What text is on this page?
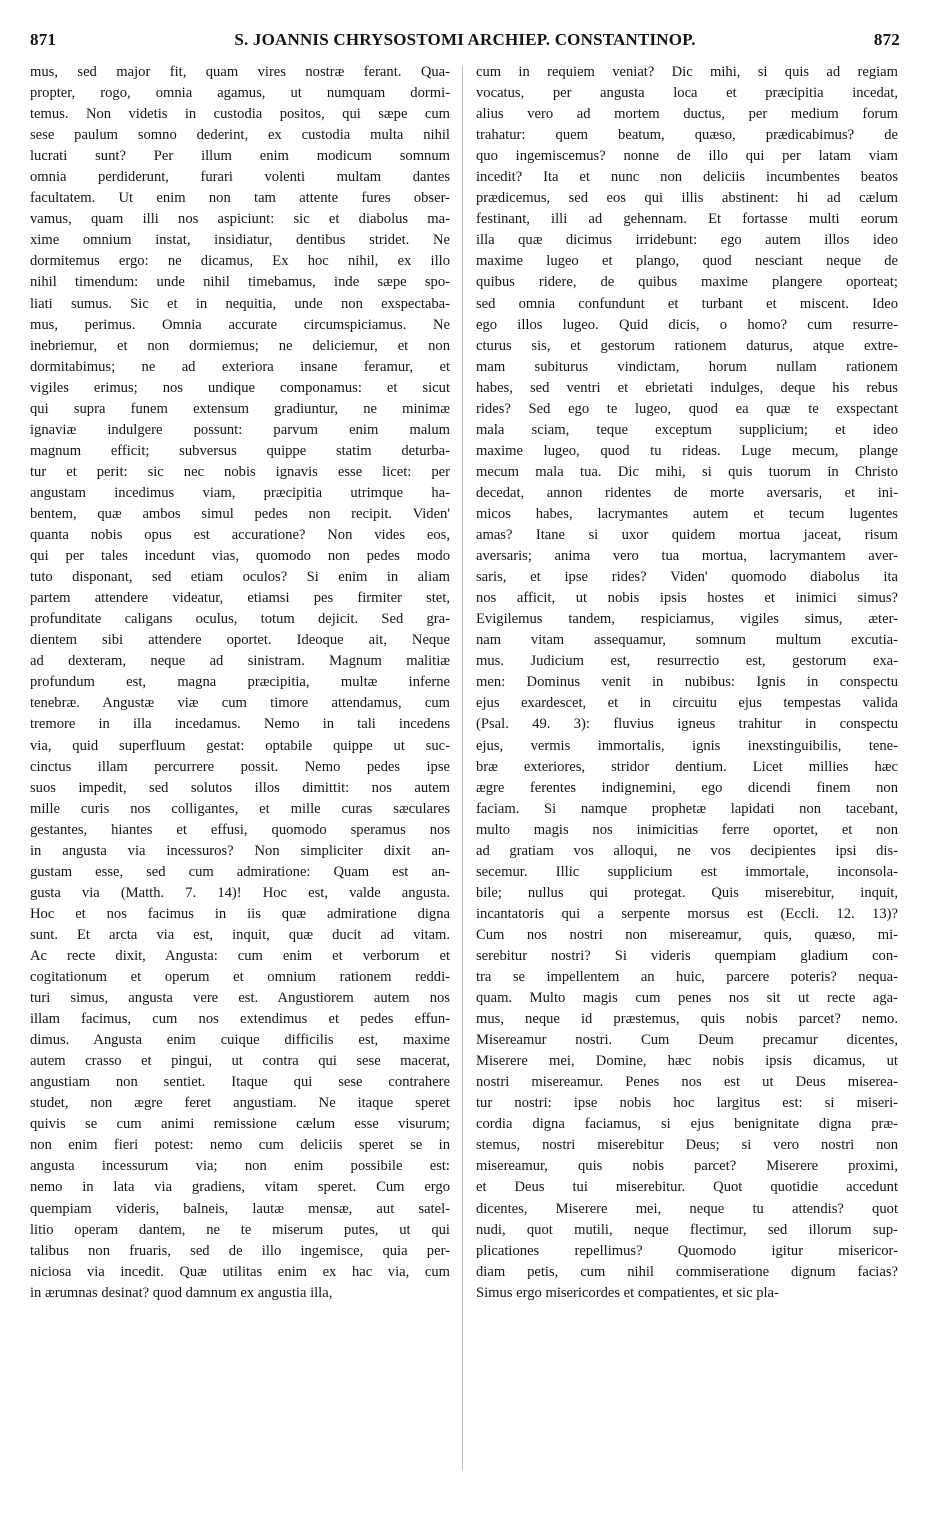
871	S. JOANNIS CHRYSOSTOMI ARCHIEP. CONSTANTINOP.	872
mus, sed major fit, quam vires nostræ ferant. Qua-
propter, rogo, omnia agamus, ut numquam dormi-
temus. Non videtis in custodia positos, qui sæpe cum
sese paulum somno dederint, ex custodia multa nihil
lucrati sunt? Per illum enim modicum somnum
omnia perdiderunt, furari volenti multam dantes
facultatem. Ut enim non tam attente fures obser-
vamus, quam illi nos aspiciunt: sic et diabolus ma-
xime omnium instat, insidiatur, dentibus stridet. Ne
dormitemus ergo: ne dicamus, Ex hoc nihil, ex illo
nihil timendum: unde nihil timebamus, inde sæpe spo-
liati sumus. Sic et in nequitia, unde non exspectaba-
mus, perimus. Omnia accurate circumspiciamus. Ne
inebriemur, et non dormiemus; ne deliciemur, et non
dormitabimus; ne ad exteriora insane feramur, et
vigiles erimus; nos undique componamus: et sicut
qui supra funem extensum gradiuntur, ne minimæ
ignaviæ indulgere possunt: parvum enim malum
magnum efficit; subversus quippe statim deturba-
tur et perit: sic nec nobis ignavis esse licet: per
angustam incedimus viam, præcipitia utrimque ha-
bentem, quæ ambos simul pedes non recipit. Viden'
quanta nobis opus est accuratione? Non vides eos,
qui per tales incedunt vias, quomodo non pedes modo
tuto disponant, sed etiam oculos? Si enim in aliam
partem attendere videatur, etiamsi pes firmiter stet,
profunditate caligans oculus, totum dejicit. Sed gra-
dientem sibi attendere oportet. Ideoque ait, Neque
ad dexteram, neque ad sinistram. Magnum malitiæ
profundum est, magna præcipitia, multæ inferne
tenebræ. Angustæ viæ cum timore attendamus, cum
tremore in illa incedamus. Nemo in tali incedens
via, quid superfluum gestat: optabile quippe ut suc-
cinctus illam percurrere possit. Nemo pedes ipse
suos impedit, sed solutos illos dimittit: nos autem
mille curis nos colligantes, et mille curas sæculares
gestantes, hiantes et effusi, quomodo speramus nos
in angusta via incessuros? Non simpliciter dixit an-
gustam esse, sed cum admiratione: Quam est an-
gusta via (Matth. 7. 14)! Hoc est, valde angusta.
Hoc et nos facimus in iis quæ admiratione digna
sunt. Et arcta via est, inquit, quæ ducit ad vitam.
Ac recte dixit, Angusta: cum enim et verborum et
cogitationum et operum et omnium rationem reddi-
turi simus, angusta vere est. Angustiorem autem nos
illam facimus, cum nos extendimus et pedes effun-
dimus. Angusta enim cuique difficilis est, maxime
autem crasso et pingui, ut contra qui sese macerat,
angustiam non sentiet. Itaque qui sese contrahere
studet, non ægre feret angustiam. Ne itaque speret
quivis se cum animi remissione cælum esse visurum;
non enim fieri potest: nemo cum deliciis speret se in
angusta incessurum via; non enim possibile est:
nemo in lata via gradiens, vitam speret. Cum ergo
quempiam videris, balneis, lautæ mensæ, aut satel-
litio operam dantem, ne te miserum putes, ut qui
talibus non fruaris, sed de illo ingemisce, quia per-
niciosa via incedit. Quæ utilitas enim ex hac via, cum
in ærumnas desinat? quod damnum ex angustia illa,
cum in requiem veniat? Dic mihi, si quis ad regiam
vocatus, per angusta loca et præcipitia incedat,
alius vero ad mortem ductus, per medium forum
trahatur: quem beatum, quæso, prædicabimus? de
quo ingemiscemus? nonne de illo qui per latam viam
incedit? Ita et nunc non deliciis incumbentes beatos
prædicemus, sed eos qui illis abstinent: hi ad cælum
festinant, illi ad gehennam. Et fortasse multi eorum
illa quæ dicimus irridebunt: ego autem illos ideo
maxime lugeo et plango, quod nesciant neque de
quibus ridere, de quibus maxime plangere oporteat;
sed omnia confundunt et turbant et miscent. Ideo
ego illos lugeo. Quid dicis, o homo? cum resurre-
cturus sis, et gestorum rationem daturus, atque extre-
mam subiturus vindictam, horum nullam rationem
habes, sed ventri et ebrietati indulges, deque his rebus
rides? Sed ego te lugeo, quod ea quæ te exspectant
mala sciam, teque exceptum supplicium; et ideo
maxime lugeo, quod tu rideas. Luge mecum, plange
mecum mala tua. Dic mihi, si quis tuorum in Christo
decedat, annon ridentes de morte aversaris, et ini-
micos habes, lacrymantes autem et tecum lugentes
amas? Itane si uxor quidem mortua jaceat, risum
aversaris; anima vero tua mortua, lacrymantem aver-
saris, et ipse rides? Viden' quomodo diabolus ita
nos afficit, ut nobis ipsis hostes et inimici simus?
Evigilemus tandem, respiciamus, vigiles simus, æter-
nam vitam assequamur, somnum multum excutia-
mus. Judicium est, resurrectio est, gestorum exa-
men: Dominus venit in nubibus: Ignis in conspectu
ejus exardescet, et in circuitu ejus tempestas valida
(Psal. 49. 3): fluvius igneus trahitur in conspectu
ejus, vermis immortalis, ignis inexstinguibilis, tene-
bræ exteriores, stridor dentium. Licet millies hæc
ægre ferentes indignemini, ego dicendi finem non
faciam. Si namque prophetæ lapidati non tacebant,
multo magis nos inimicitias ferre oportet, et non
ad gratiam vos alloqui, ne vos decipientes ipsi dis-
secemur. Illic supplicium est immortale, inconsola-
bile; nullus qui protegat. Quis miserebitur, inquit,
incantatoris qui a serpente morsus est (Eccli. 12. 13)?
Cum nos nostri non misereamur, quis, quæso, mi-
serebitur nostri? Si videris quempiam gladium con-
tra se impellentem an huic, parcere poteris? nequa-
quam. Multo magis cum penes nos sit ut recte aga-
mus, neque id præstemus, quis nobis parcet? nemo.
Misereamur nostri. Cum Deum precamur dicentes,
Miserere mei, Domine, hæc nobis ipsis dicamus, ut
nostri misereamur. Penes nos est ut Deus miserea-
tur nostri: ipse nobis hoc largitus est: si miseri-
cordia digna faciamus, si ejus benignitate digna præ-
stemus, nostri miserebitur Deus; si vero nostri non
misereamur, quis nobis parcet? Miserere proximi,
et Deus tui miserebitur. Quot quotidie accedunt
dicentes, Miserere mei, neque tu attendis? quot
nudi, quot mutili, neque flectimur, sed illorum sup-
plicationes repellimus? Quomodo igitur misericor-
diam petis, cum nihil commiseratione dignum facias?
Simus ergo misericordes et compatientes, et sic pla-
